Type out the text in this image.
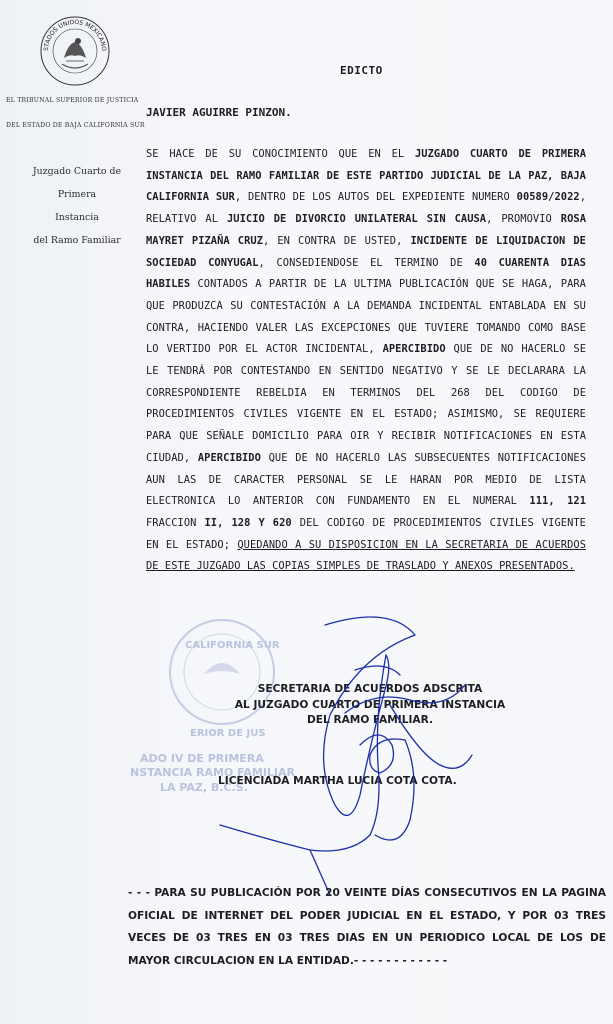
STADOS UNIDOS MEXICANO
EL TRIBUNAL SUPERIOR DE JUSTICIA
DEL ESTADO DE BAJA CALIFORNIA SUR
Juzgado Cuarto de
Primera
Instancia
del Ramo Familiar
EDICTO
JAVIER AGUIRRE PINZON.
SE HACE DE SU CONOCIMIENTO QUE EN EL JUZGADO CUARTO DE PRIMERA INSTANCIA DEL RAMO FAMILIAR DE ESTE PARTIDO JUDICIAL DE LA PAZ, BAJA CALIFORNIA SUR, DENTRO DE LOS AUTOS DEL EXPEDIENTE NUMERO 00589/2022, RELATIVO AL JUICIO DE DIVORCIO UNILATERAL SIN CAUSA, PROMOVIO ROSA MAYRET PIZAÑA CRUZ, EN CONTRA DE USTED, INCIDENTE DE LIQUIDACION DE SOCIEDAD CONYUGAL, CONSEDIENDOSE EL TERMINO DE 40 CUARENTA DIAS HABILES CONTADOS A PARTIR DE LA ULTIMA PUBLICACIÓN QUE SE HAGA, PARA QUE PRODUZCA SU CONTESTACIÓN A LA DEMANDA INCIDENTAL ENTABLADA EN SU CONTRA, HACIENDO VALER LAS EXCEPCIONES QUE TUVIERE TOMANDO COMO BASE LO VERTIDO POR EL ACTOR INCIDENTAL, APERCIBIDO QUE DE NO HACERLO SE LE TENDRÁ POR CONTESTANDO EN SENTIDO NEGATIVO Y SE LE DECLARARA LA CORRESPONDIENTE REBELDIA EN TERMINOS DEL 268 DEL CODIGO DE PROCEDIMIENTOS CIVILES VIGENTE EN EL ESTADO; ASIMISMO, SE REQUIERE PARA QUE SEÑALE DOMICILIO PARA OIR Y RECIBIR NOTIFICACIONES EN ESTA CIUDAD, APERCIBIDO QUE DE NO HACERLO LAS SUBSECUENTES NOTIFICACIONES AUN LAS DE CARACTER PERSONAL SE LE HARAN POR MEDIO DE LISTA ELECTRONICA LO ANTERIOR CON FUNDAMENTO EN EL NUMERAL 111, 121 FRACCION II, 128 Y 620 DEL CODIGO DE PROCEDIMIENTOS CIVILES VIGENTE EN EL ESTADO; QUEDANDO A SU DISPOSICION EN LA SECRETARIA DE ACUERDOS DE ESTE JUZGADO LAS COPIAS SIMPLES DE TRASLADO Y ANEXOS PRESENTADOS.
CALIFORNIA SUR
ERIOR DE JUS
ADO IV DE PRIMERA
NSTANCIA RAMO FAMILIAR
LA PAZ, B.C.S.
SECRETARIA DE ACUERDOS ADSCRITA
AL JUZGADO CUARTO DE PRIMERA INSTANCIA
DEL RAMO FAMILIAR.
LICENCIADA MARTHA LUCIA COTA COTA.
- - - PARA SU PUBLICACIÓN POR 20 VEINTE DÍAS CONSECUTIVOS EN LA PAGINA OFICIAL DE INTERNET DEL PODER JUDICIAL EN EL ESTADO, Y POR 03 TRES VECES DE 03 TRES EN 03 TRES DIAS EN UN PERIODICO LOCAL DE LOS DE MAYOR CIRCULACION EN LA ENTIDAD.- - - - - - - - - - - -
